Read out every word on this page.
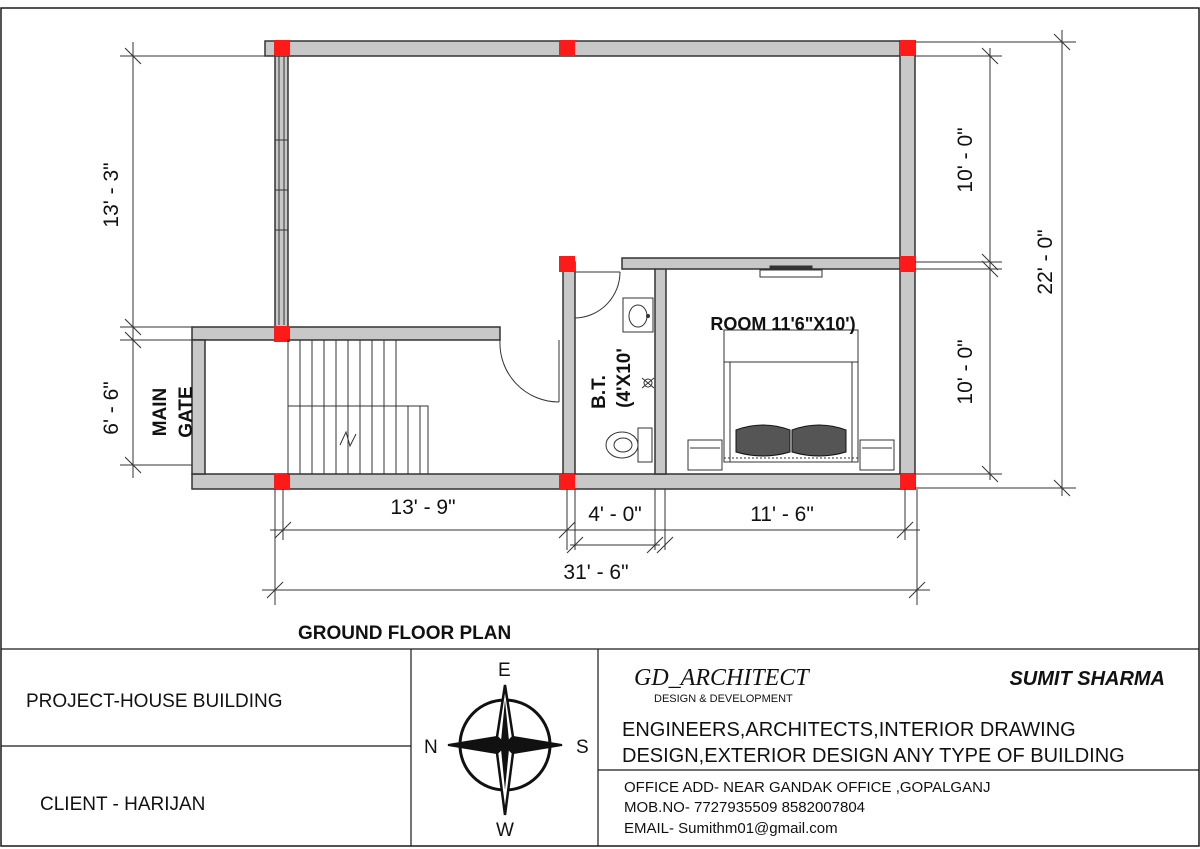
13' - 3"
6' - 6"
10' - 0"
10' - 0"
22' - 0"
13' - 9"	4' - 0"	11' - 6"
31' - 6"
ROOM 11'6"X10')
B.T. (4'X10'
MAIN GATE
GROUND FLOOR PLAN
PROJECT-HOUSE BUILDING
CLIENT - HARIJAN
N	S
E
W
GD_ARCHITECT
DESIGN & DEVELOPMENT
SUMIT SHARMA
ENGINEERS,ARCHITECTS,INTERIOR DRAWING
DESIGN,EXTERIOR DESIGN ANY TYPE OF BUILDING
OFFICE ADD- NEAR GANDAK OFFICE ,GOPALGANJ
MOB.NO- 7727935509 8582007804
EMAIL- Sumithm01@gmail.com
